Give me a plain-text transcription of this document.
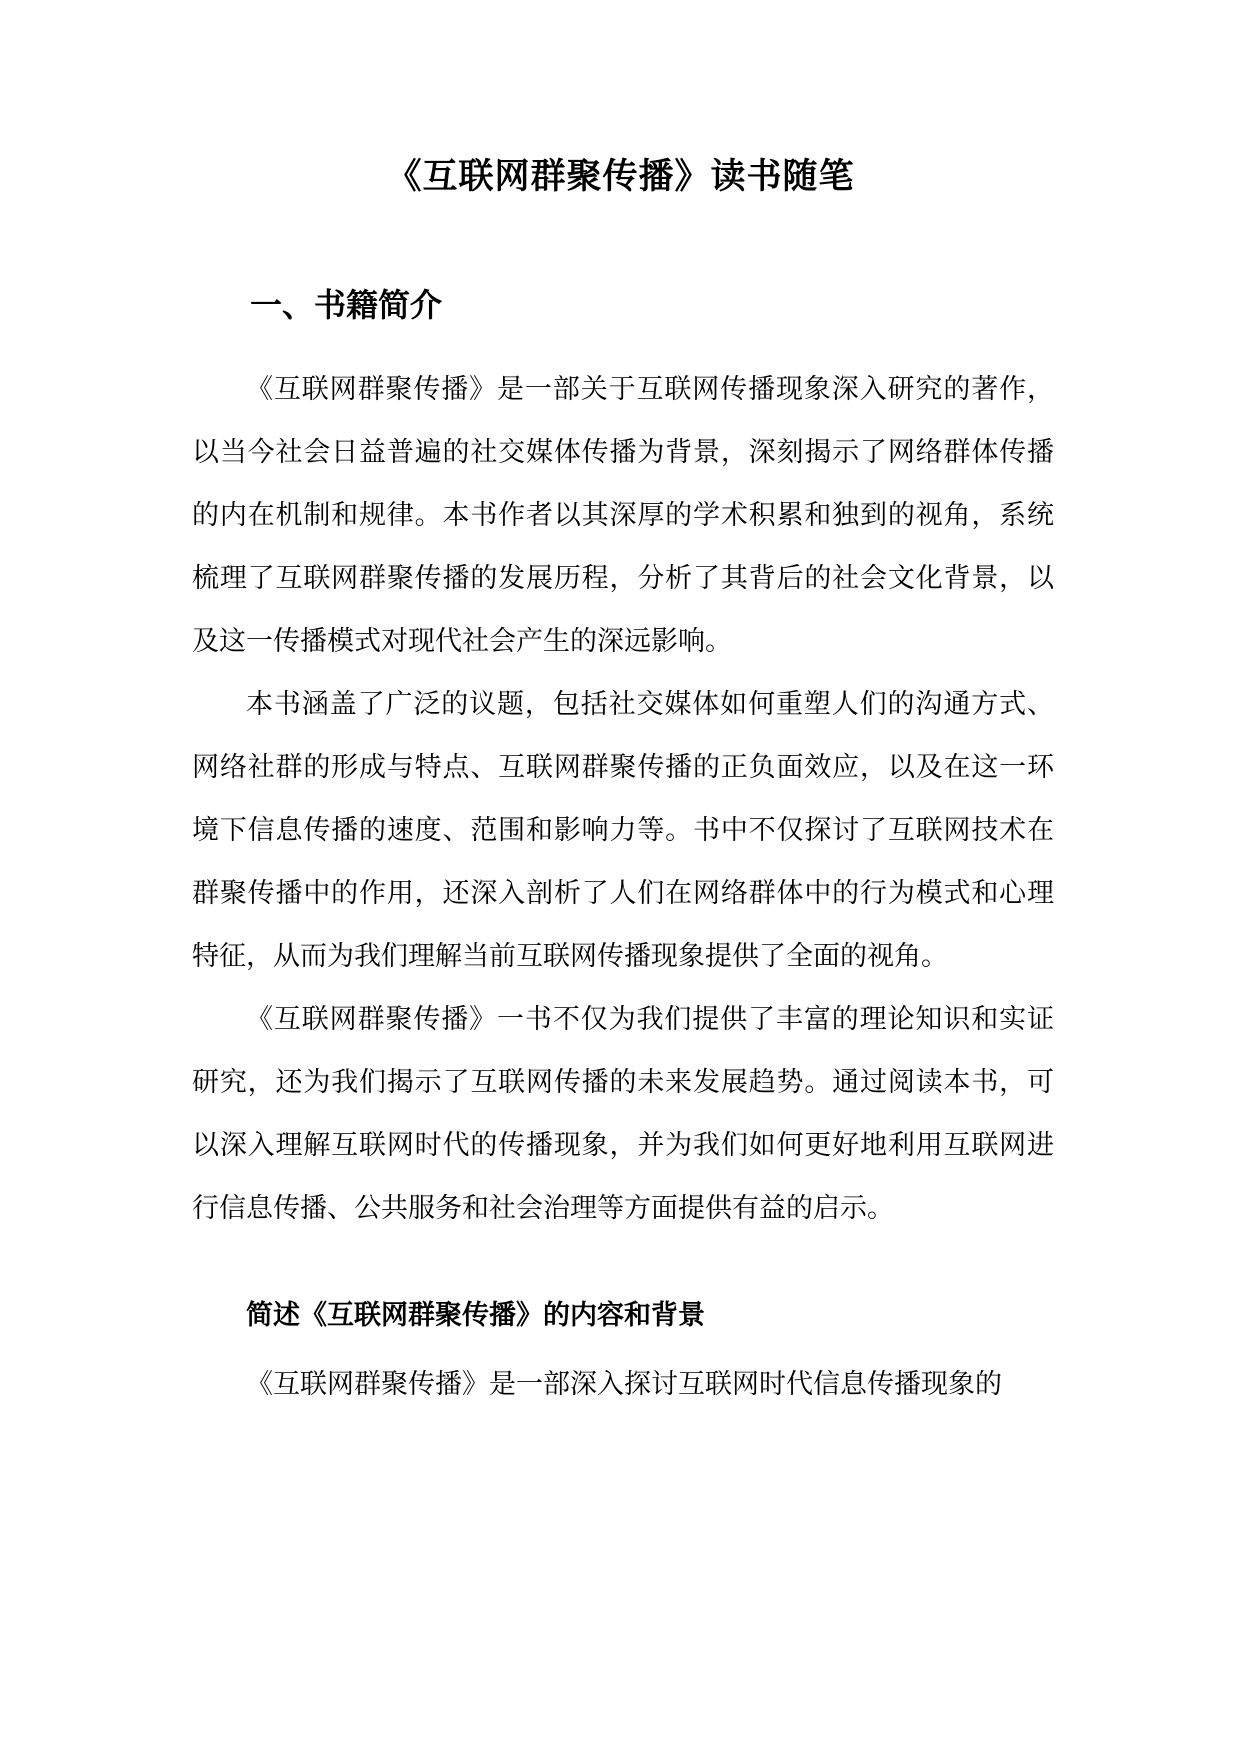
《互联网群聚传播》读书随笔
一、书籍简介

《互联网群聚传播》是一部关于互联网传播现象深入研究的著作，以当今社会日益普遍的社交媒体传播为背景，深刻揭示了网络群体传播的内在机制和规律。本书作者以其深厚的学术积累和独到的视角，系统梳理了互联网群聚传播的发展历程，分析了其背后的社会文化背景，以及这一传播模式对现代社会产生的深远影响。

本书涵盖了广泛的议题，包括社交媒体如何重塑人们的沟通方式、网络社群的形成与特点、互联网群聚传播的正负面效应，以及在这一环境下信息传播的速度、范围和影响力等。书中不仅探讨了互联网技术在群聚传播中的作用，还深入剖析了人们在网络群体中的行为模式和心理特征，从而为我们理解当前互联网传播现象提供了全面的视角。

《互联网群聚传播》一书不仅为我们提供了丰富的理论知识和实证研究，还为我们揭示了互联网传播的未来发展趋势。通过阅读本书，可以深入理解互联网时代的传播现象，并为我们如何更好地利用互联网进行信息传播、公共服务和社会治理等方面提供有益的启示。

简述《互联网群聚传播》的内容和背景

《互联网群聚传播》是一部深入探讨互联网时代信息传播现象的
